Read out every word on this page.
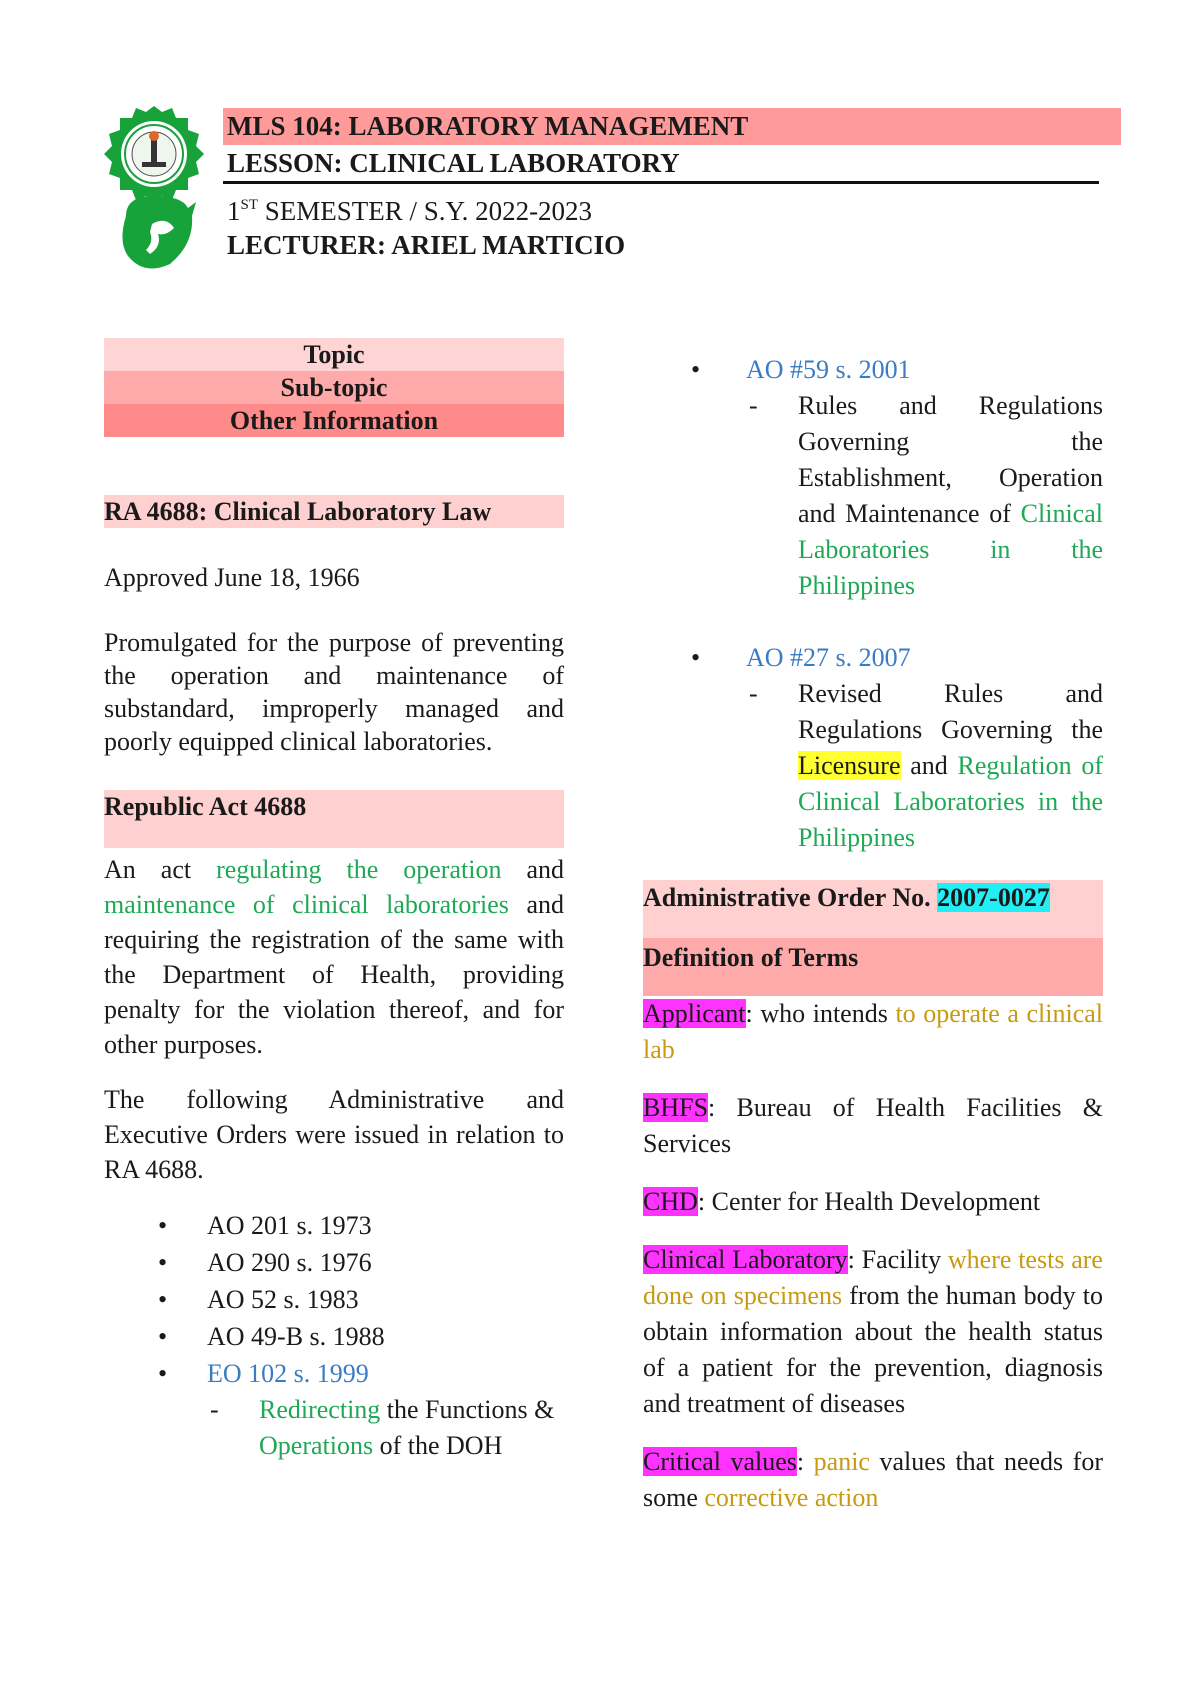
MLS 104: LABORATORY MANAGEMENT
LESSON: CLINICAL LABORATORY
1ST SEMESTER / S.Y. 2022-2023
LECTURER: ARIEL MARTICIO
Topic
Sub-topic
Other Information
RA 4688: Clinical Laboratory Law

Approved June 18, 1966

Promulgated for the purpose of preventing the operation and maintenance of substandard, improperly managed and poorly equipped clinical laboratories.

Republic Act 4688

An act regulating the operation and maintenance of clinical laboratories and requiring the registration of the same with the Department of Health, providing penalty for the violation thereof, and for other purposes.

The following Administrative and Executive Orders were issued in relation to RA 4688.

• AO 201 s. 1973
• AO 290 s. 1976
• AO 52 s. 1983
• AO 49-B s. 1988
• EO 102 s. 1999
- Redirecting the Functions & Operations of the DOH
• AO #59 s. 2001
- Rules and Regulations Governing the Establishment, Operation and Maintenance of Clinical Laboratories in the Philippines
• AO #27 s. 2007
- Revised Rules and Regulations Governing the Licensure and Regulation of Clinical Laboratories in the Philippines
Administrative Order No. 2007-0027
Definition of Terms

Applicant: who intends to operate a clinical lab

BHFS: Bureau of Health Facilities & Services

CHD: Center for Health Development

Clinical Laboratory: Facility where tests are done on specimens from the human body to obtain information about the health status of a patient for the prevention, diagnosis and treatment of diseases

Critical values: panic values that needs for some corrective action
